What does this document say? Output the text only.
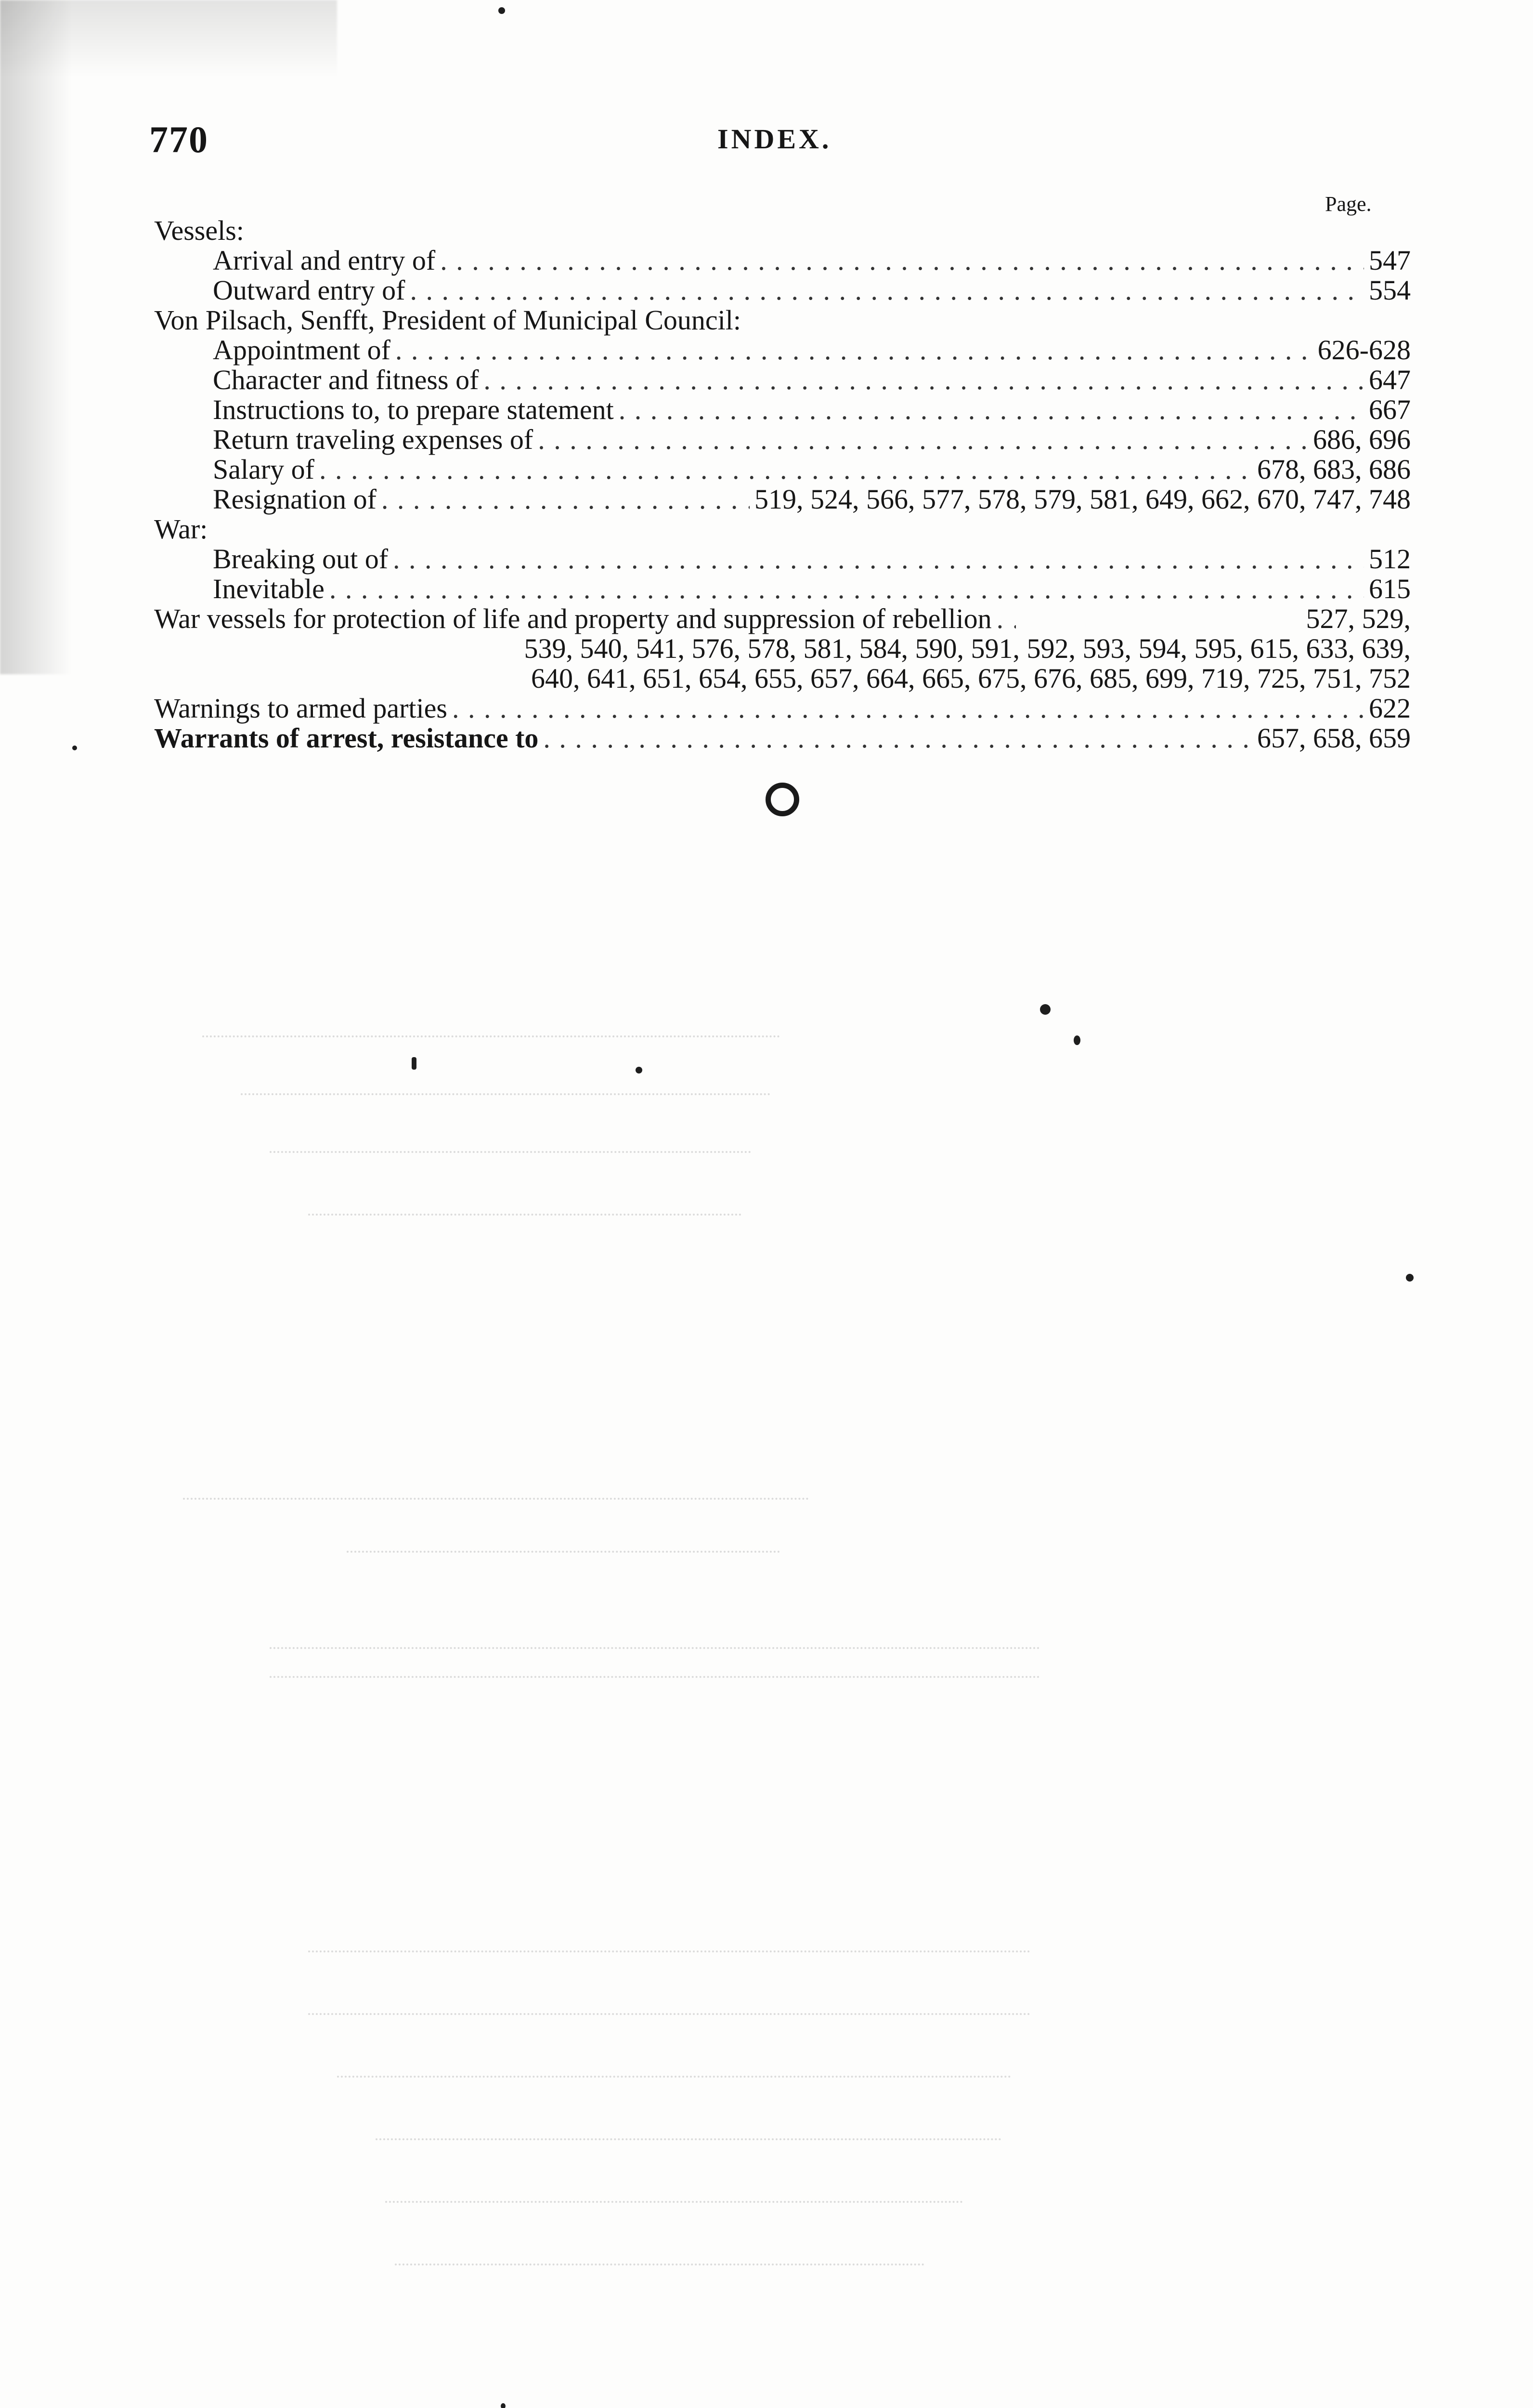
770	INDEX.
Page.
Vessels:
Arrival and entry of . . .	547
Outward entry of . . .	554
Von Pilsach, Senfft, President of Municipal Council:
Appointment of . . .	626-628
Character and fitness of . . .	647
Instructions to, to prepare statement . . .	667
Return traveling expenses of . . .	686, 696
Salary of . . .	678, 683, 686
Resignation of . . .	519, 524, 566, 577, 578, 579, 581, 649, 662, 670, 747, 748
War:
Breaking out of . . .	512
Inevitable . . .	615
War vessels for protection of life and property and suppression of rebellion . . .	527, 529,
539, 540, 541, 576, 578, 581, 584, 590, 591, 592, 593, 594, 595, 615, 633, 639,
640, 641, 651, 654, 655, 657, 664, 665, 675, 676, 685, 699, 719, 725, 751, 752
Warnings to armed parties . . .	622
Warrants of arrest, resistance to . . .	657, 658, 659
